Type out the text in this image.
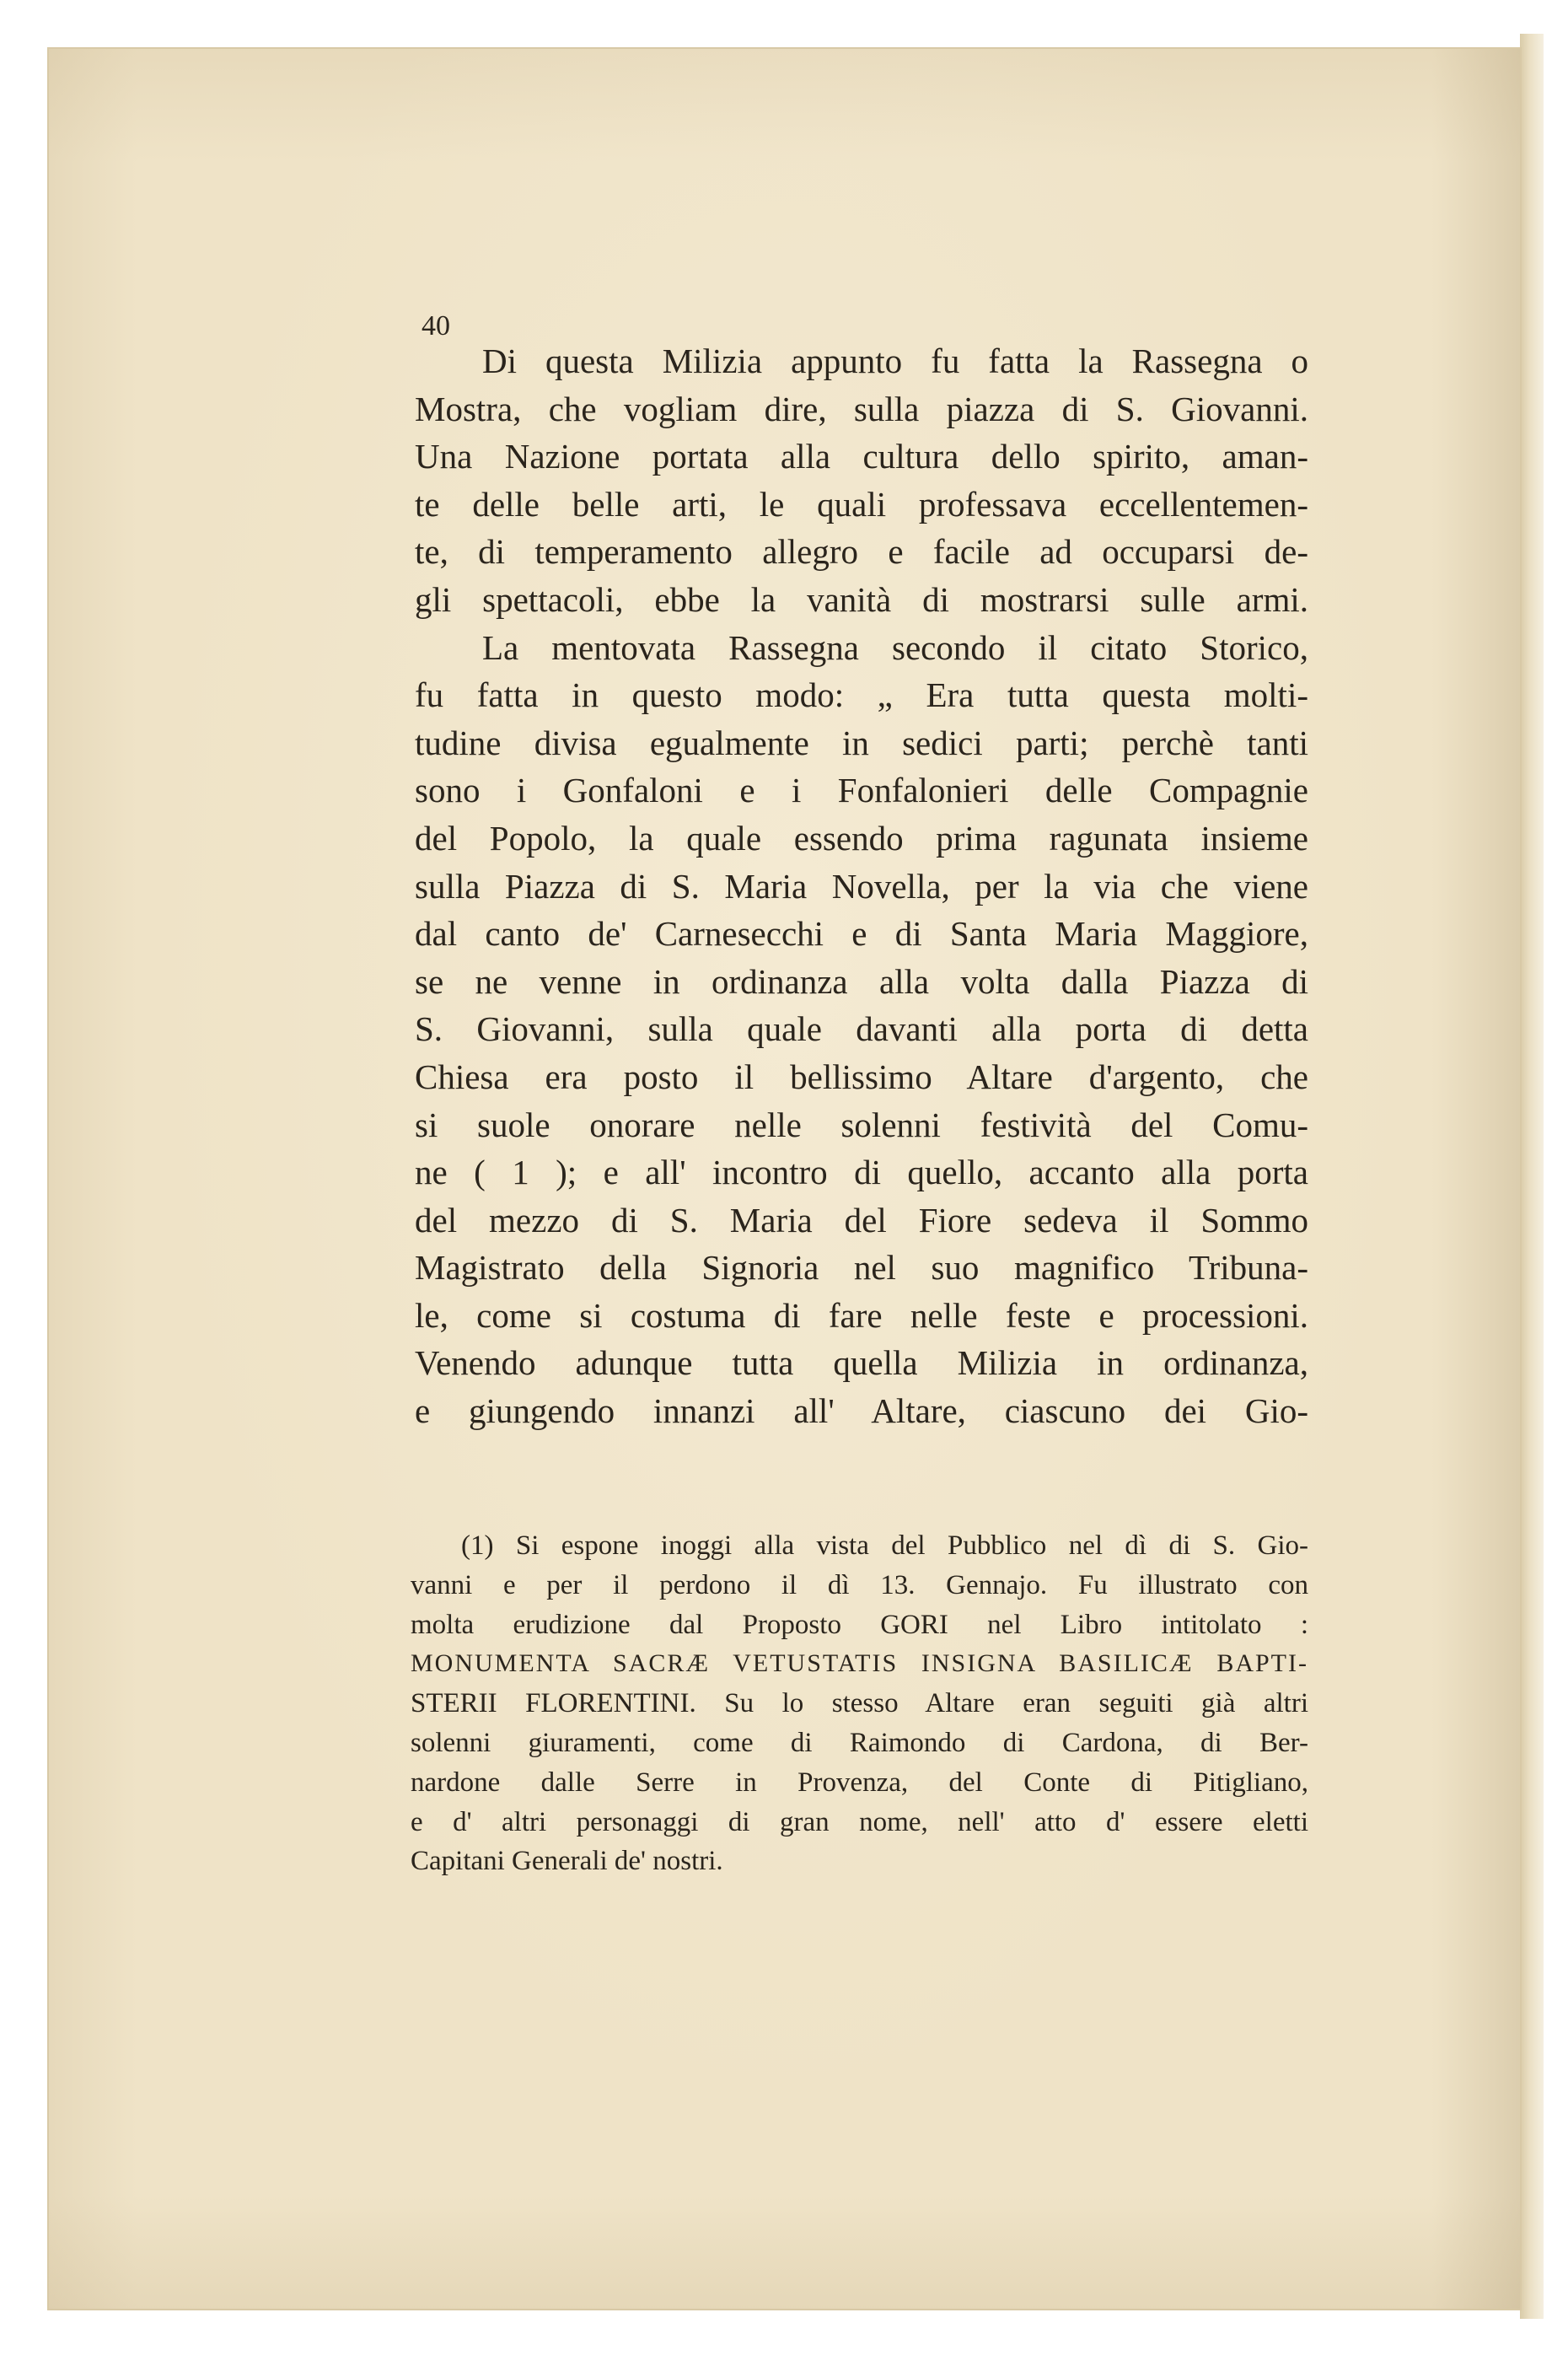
40

Di questa Milizia appunto fu fatta la Rassegna o
Mostra, che vogliam dire, sulla piazza di S. Giovanni.
Una Nazione portata alla cultura dello spirito, aman-
te delle belle arti, le quali professava eccellentemen-
te, di temperamento allegro e facile ad occuparsi de-
gli spettacoli, ebbe la vanità di mostrarsi sulle armi.
La mentovata Rassegna secondo il citato Storico,
fu fatta in questo modo: „ Era tutta questa molti-
tudine divisa egualmente in sedici parti; perchè tanti
sono i Gonfaloni e i Fonfalonieri delle Compagnie
del Popolo, la quale essendo prima ragunata insieme
sulla Piazza di S. Maria Novella, per la via che viene
dal canto de' Carnesecchi e di Santa Maria Maggiore,
se ne venne in ordinanza alla volta dalla Piazza di
S. Giovanni, sulla quale davanti alla porta di detta
Chiesa era posto il bellissimo Altare d'argento, che
si suole onorare nelle solenni festività del Comu-
ne ( 1 ); e all' incontro di quello, accanto alla porta
del mezzo di S. Maria del Fiore sedeva il Sommo
Magistrato della Signoria nel suo magnifico Tribuna-
le, come si costuma di fare nelle feste e processioni.
Venendo adunque tutta quella Milizia in ordinanza,
e giungendo innanzi all' Altare, ciascuno dei Gio-
(1) Si espone inoggi alla vista del Pubblico nel dì di S. Gio-
vanni e per il perdono il dì 13. Gennajo. Fu illustrato con
molta erudizione dal Proposto GORI nel Libro intitolato :
MONUMENTA SACRÆ VETUSTATIS INSIGNA BASILICÆ BAPTI-
STERII FLORENTINI. Su lo stesso Altare eran seguiti già altri
solenni giuramenti, come di Raimondo di Cardona, di Ber-
nardone dalle Serre in Provenza, del Conte di Pitigliano,
e d' altri personaggi di gran nome, nell' atto d' essere eletti
Capitani Generali de' nostri.
